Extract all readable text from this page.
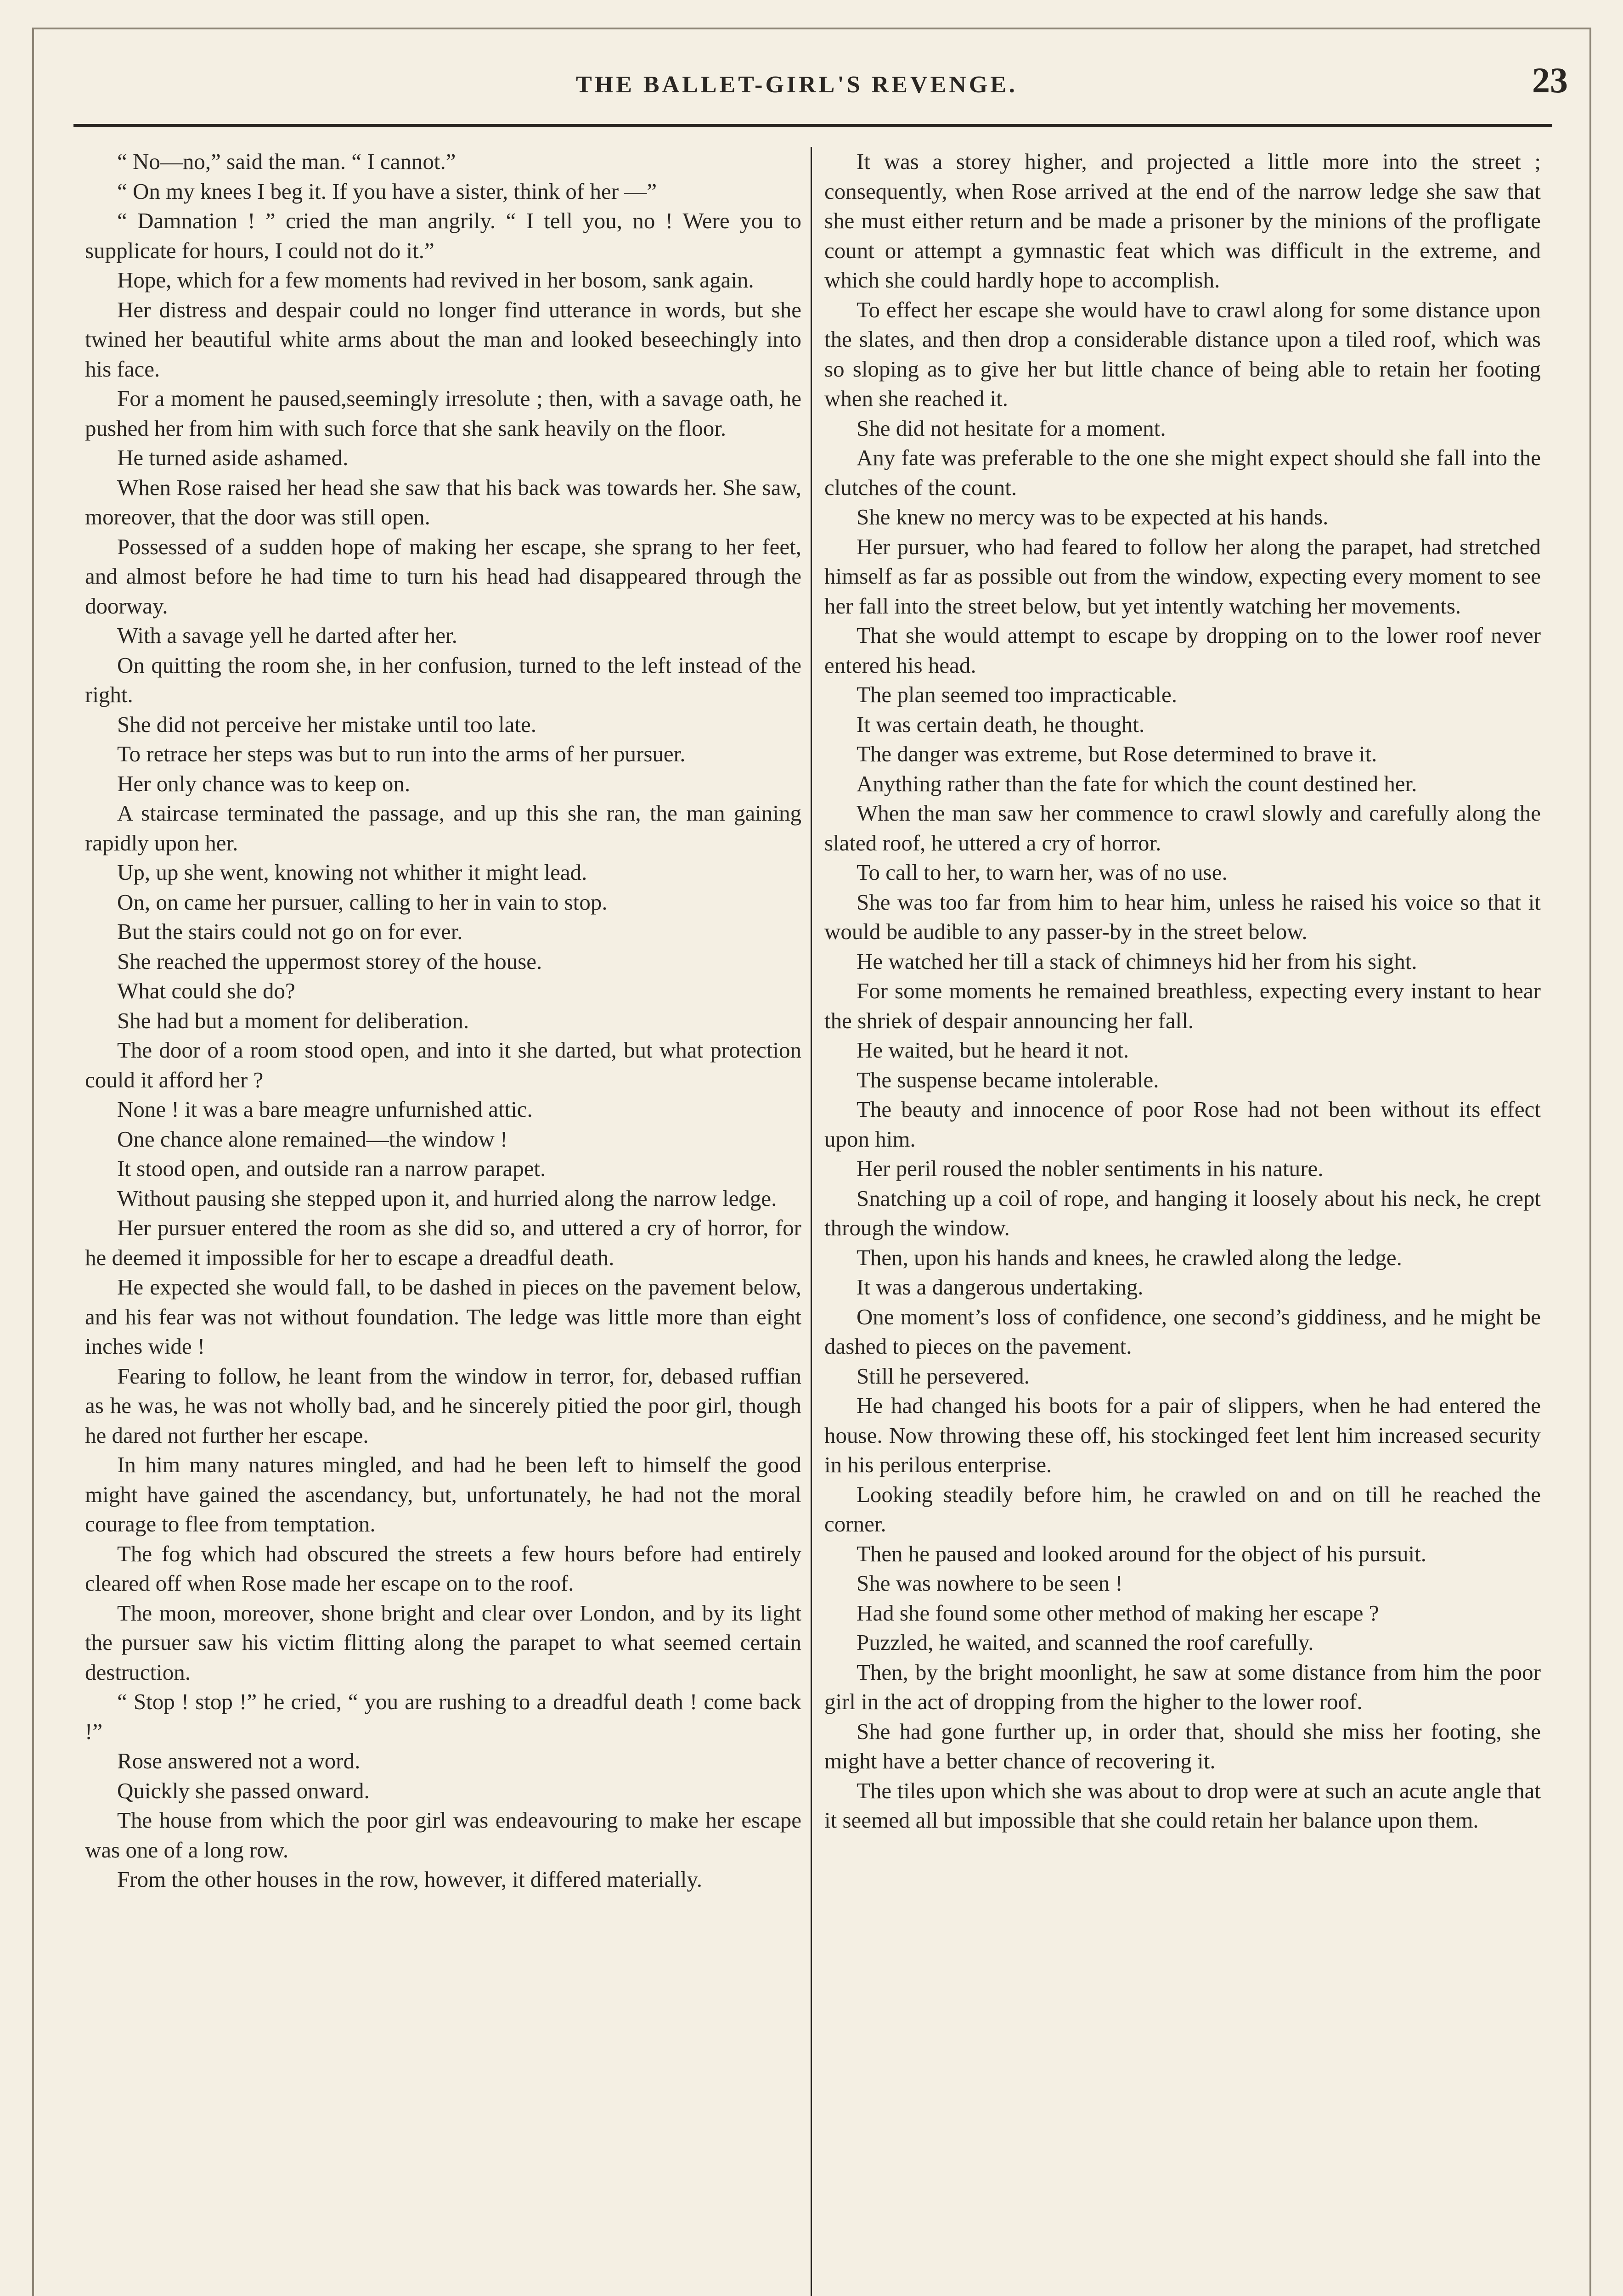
THE BALLET-GIRL'S REVENGE.	23

“ No—no,” said the man. “ I cannot.”

“ On my knees I beg it. If you have a sister, think of her —”

“ Damnation ! ” cried the man angrily. “ I tell you, no ! Were you to supplicate for hours, I could not do it.”

Hope, which for a few moments had revived in her bosom, sank again.

Her distress and despair could no longer find utterance in words, but she twined her beautiful white arms about the man and looked beseechingly into his face.

For a moment he paused,seemingly irresolute ; then, with a savage oath, he pushed her from him with such force that she sank heavily on the floor.

He turned aside ashamed.

When Rose raised her head she saw that his back was towards her. She saw, moreover, that the door was still open.

Possessed of a sudden hope of making her escape, she sprang to her feet, and almost before he had time to turn his head had disappeared through the doorway.

With a savage yell he darted after her.

On quitting the room she, in her confusion, turned to the left instead of the right.

She did not perceive her mistake until too late.

To retrace her steps was but to run into the arms of her pursuer.

Her only chance was to keep on.

A staircase terminated the passage, and up this she ran, the man gaining rapidly upon her.

Up, up she went, knowing not whither it might lead.

On, on came her pursuer, calling to her in vain to stop.

But the stairs could not go on for ever.

She reached the uppermost storey of the house.

What could she do?

She had but a moment for deliberation.

The door of a room stood open, and into it she darted, but what protection could it afford her ?

None ! it was a bare meagre unfurnished attic.

One chance alone remained—the window !

It stood open, and outside ran a narrow parapet.

Without pausing she stepped upon it, and hurried along the narrow ledge.

Her pursuer entered the room as she did so, and uttered a cry of horror, for he deemed it impossible for her to escape a dreadful death.

He expected she would fall, to be dashed in pieces on the pavement below, and his fear was not without foundation. The ledge was little more than eight inches wide !

Fearing to follow, he leant from the window in terror, for, debased ruffian as he was, he was not wholly bad, and he sincerely pitied the poor girl, though he dared not further her escape.

In him many natures mingled, and had he been left to himself the good might have gained the ascendancy, but, unfortunately, he had not the moral courage to flee from temptation.

The fog which had obscured the streets a few hours before had entirely cleared off when Rose made her escape on to the roof.

The moon, moreover, shone bright and clear over London, and by its light the pursuer saw his victim flitting along the parapet to what seemed certain destruction.

“ Stop ! stop !” he cried, “ you are rushing to a dreadful death ! come back !”

Rose answered not a word.

Quickly she passed onward.

The house from which the poor girl was endeavouring to make her escape was one of a long row.

From the other houses in the row, however, it differed materially.

It was a storey higher, and projected a little more into the street ; consequently, when Rose arrived at the end of the narrow ledge she saw that she must either return and be made a prisoner by the minions of the profligate count or attempt a gymnastic feat which was difficult in the extreme, and which she could hardly hope to accomplish.

To effect her escape she would have to crawl along for some distance upon the slates, and then drop a considerable distance upon a tiled roof, which was so sloping as to give her but little chance of being able to retain her footing when she reached it.

She did not hesitate for a moment.

Any fate was preferable to the one she might expect should she fall into the clutches of the count.

She knew no mercy was to be expected at his hands.

Her pursuer, who had feared to follow her along the parapet, had stretched himself as far as possible out from the window, expecting every moment to see her fall into the street below, but yet intently watching her movements.

That she would attempt to escape by dropping on to the lower roof never entered his head.

The plan seemed too impracticable.

It was certain death, he thought.

The danger was extreme, but Rose determined to brave it.

Anything rather than the fate for which the count destined her.

When the man saw her commence to crawl slowly and carefully along the slated roof, he uttered a cry of horror.

To call to her, to warn her, was of no use.

She was too far from him to hear him, unless he raised his voice so that it would be audible to any passer-by in the street below.

He watched her till a stack of chimneys hid her from his sight.

For some moments he remained breathless, expecting every instant to hear the shriek of despair announcing her fall.

He waited, but he heard it not.

The suspense became intolerable.

The beauty and innocence of poor Rose had not been without its effect upon him.

Her peril roused the nobler sentiments in his nature.

Snatching up a coil of rope, and hanging it loosely about his neck, he crept through the window.

Then, upon his hands and knees, he crawled along the ledge.

It was a dangerous undertaking.

One moment’s loss of confidence, one second’s giddiness, and he might be dashed to pieces on the pavement.

Still he persevered.

He had changed his boots for a pair of slippers, when he had entered the house. Now throwing these off, his stockinged feet lent him increased security in his perilous enterprise.

Looking steadily before him, he crawled on and on till he reached the corner.

Then he paused and looked around for the object of his pursuit.

She was nowhere to be seen !

Had she found some other method of making her escape ?

Puzzled, he waited, and scanned the roof carefully.

Then, by the bright moonlight, he saw at some distance from him the poor girl in the act of dropping from the higher to the lower roof.

She had gone further up, in order that, should she miss her footing, she might have a better chance of recovering it.

The tiles upon which she was about to drop were at such an acute angle that it seemed all but impossible that she could retain her balance upon them.
